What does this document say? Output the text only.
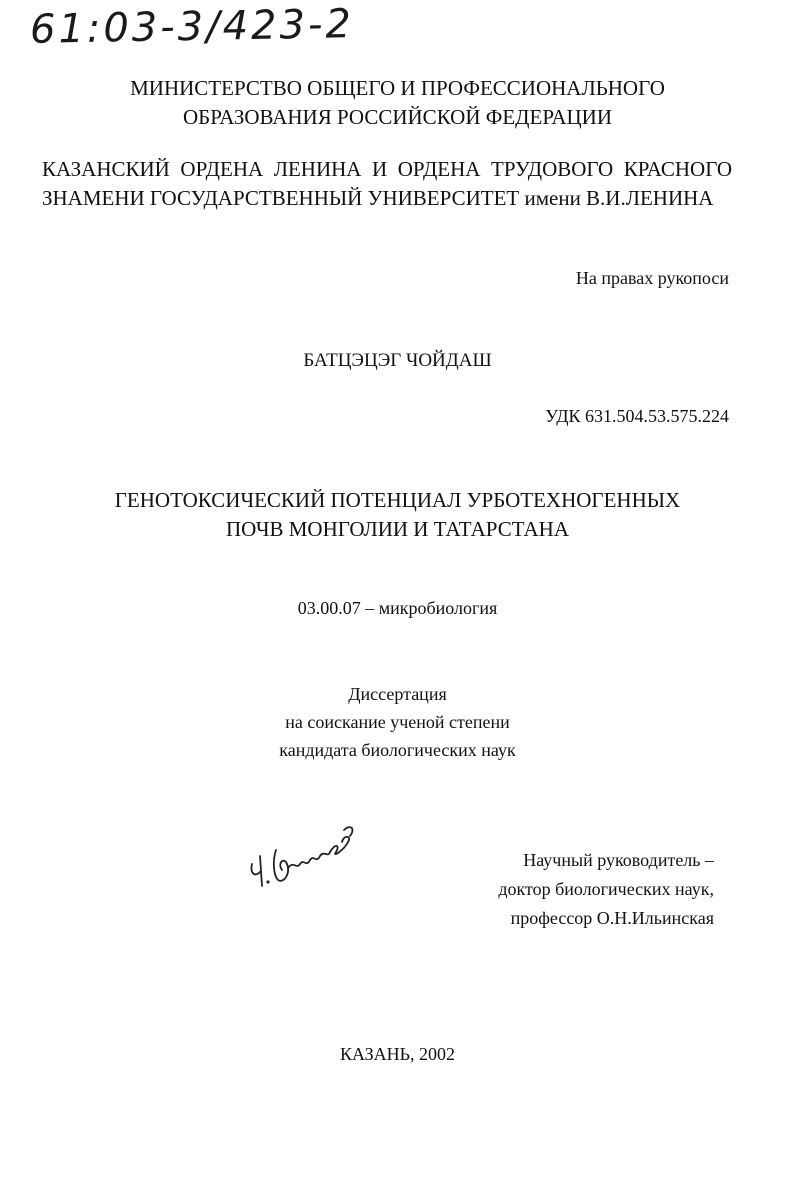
61:03-3/423-2
МИНИСТЕРСТВО ОБЩЕГО И ПРОФЕССИОНАЛЬНОГО
ОБРАЗОВАНИЯ РОССИЙСКОЙ ФЕДЕРАЦИИ
КАЗАНСКИЙ ОРДЕНА ЛЕНИНА И ОРДЕНА ТРУДОВОГО КРАСНОГО
ЗНАМЕНИ ГОСУДАРСТВЕННЫЙ УНИВЕРСИТЕТ имени В.И.ЛЕНИНА
На правах рукопоси
БАТЦЭЦЭГ ЧОЙДАШ
УДК 631.504.53.575.224
ГЕНОТОКСИЧЕСКИЙ ПОТЕНЦИАЛ УРБОТЕХНОГЕННЫХ
ПОЧВ МОНГОЛИИ И ТАТАРСТАНА
03.00.07 – микробиология
Диссертация
на соискание ученой степени
кандидата биологических наук
Научный руководитель –
доктор биологических наук,
профессор О.Н.Ильинская
КАЗАНЬ, 2002
